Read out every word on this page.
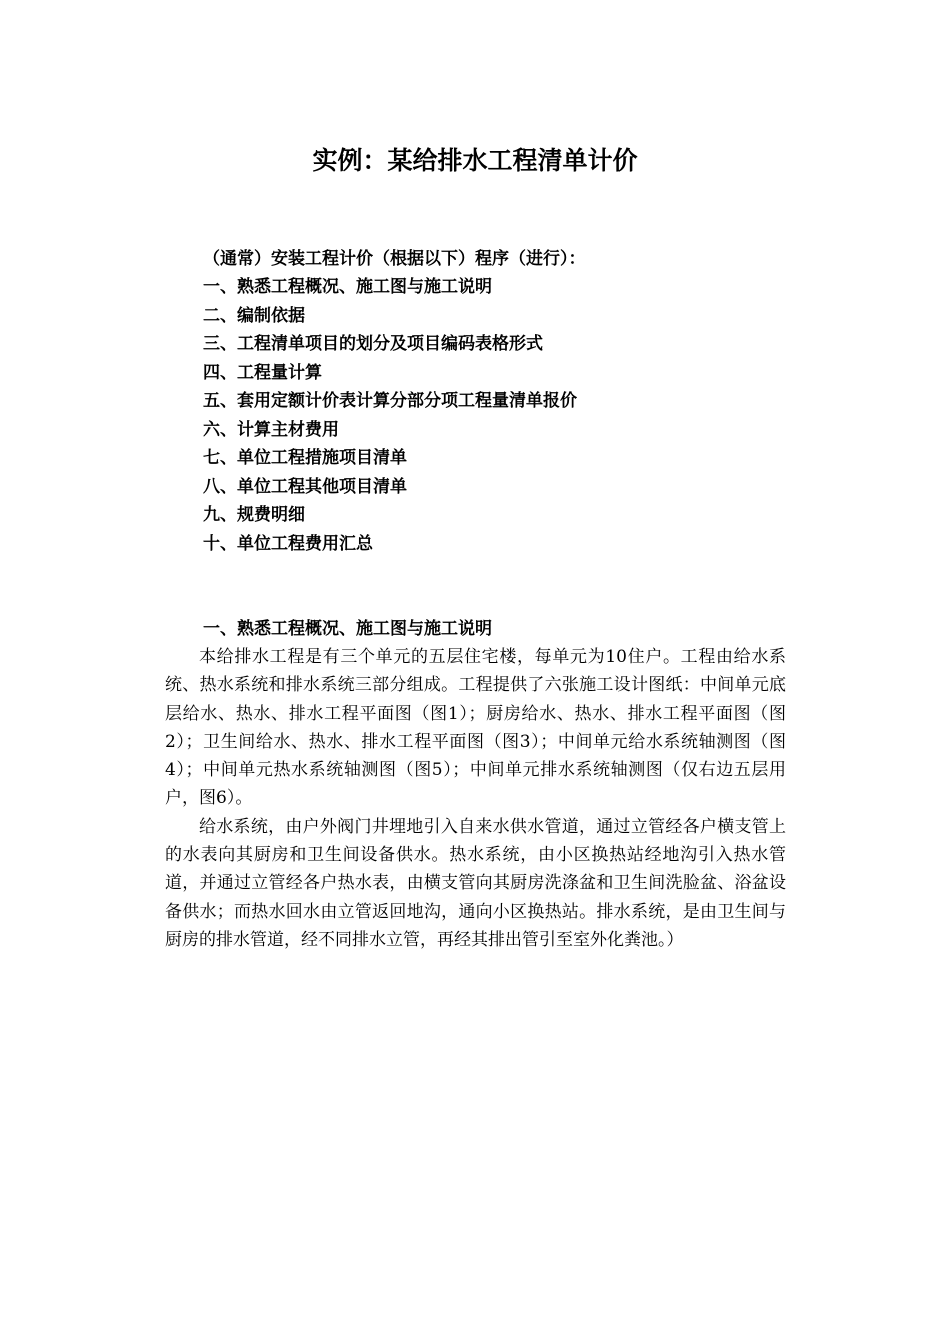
实例：某给排水工程清单计价
（通常）安装工程计价（根据以下）程序（进行）：
一、熟悉工程概况、施工图与施工说明
二、编制依据
三、工程清单项目的划分及项目编码表格形式
四、工程量计算
五、套用定额计价表计算分部分项工程量清单报价
六、计算主材费用
七、单位工程措施项目清单
八、单位工程其他项目清单
九、规费明细
十、单位工程费用汇总
一、熟悉工程概况、施工图与施工说明

本给排水工程是有三个单元的五层住宅楼，每单元为10住户。工程由给水系统、热水系统和排水系统三部分组成。工程提供了六张施工设计图纸：中间单元底层给水、热水、排水工程平面图（图1）；厨房给水、热水、排水工程平面图（图2）；卫生间给水、热水、排水工程平面图（图3）；中间单元给水系统轴测图（图4）；中间单元热水系统轴测图（图5）；中间单元排水系统轴测图（仅右边五层用户，图6）。

给水系统，由户外阀门井埋地引入自来水供水管道，通过立管经各户横支管上的水表向其厨房和卫生间设备供水。热水系统，由小区换热站经地沟引入热水管道，并通过立管经各户热水表，由横支管向其厨房洗涤盆和卫生间洗脸盆、浴盆设备供水；而热水回水由立管返回地沟，通向小区换热站。排水系统，是由卫生间与厨房的排水管道，经不同排水立管，再经其排出管引至室外化粪池。）
